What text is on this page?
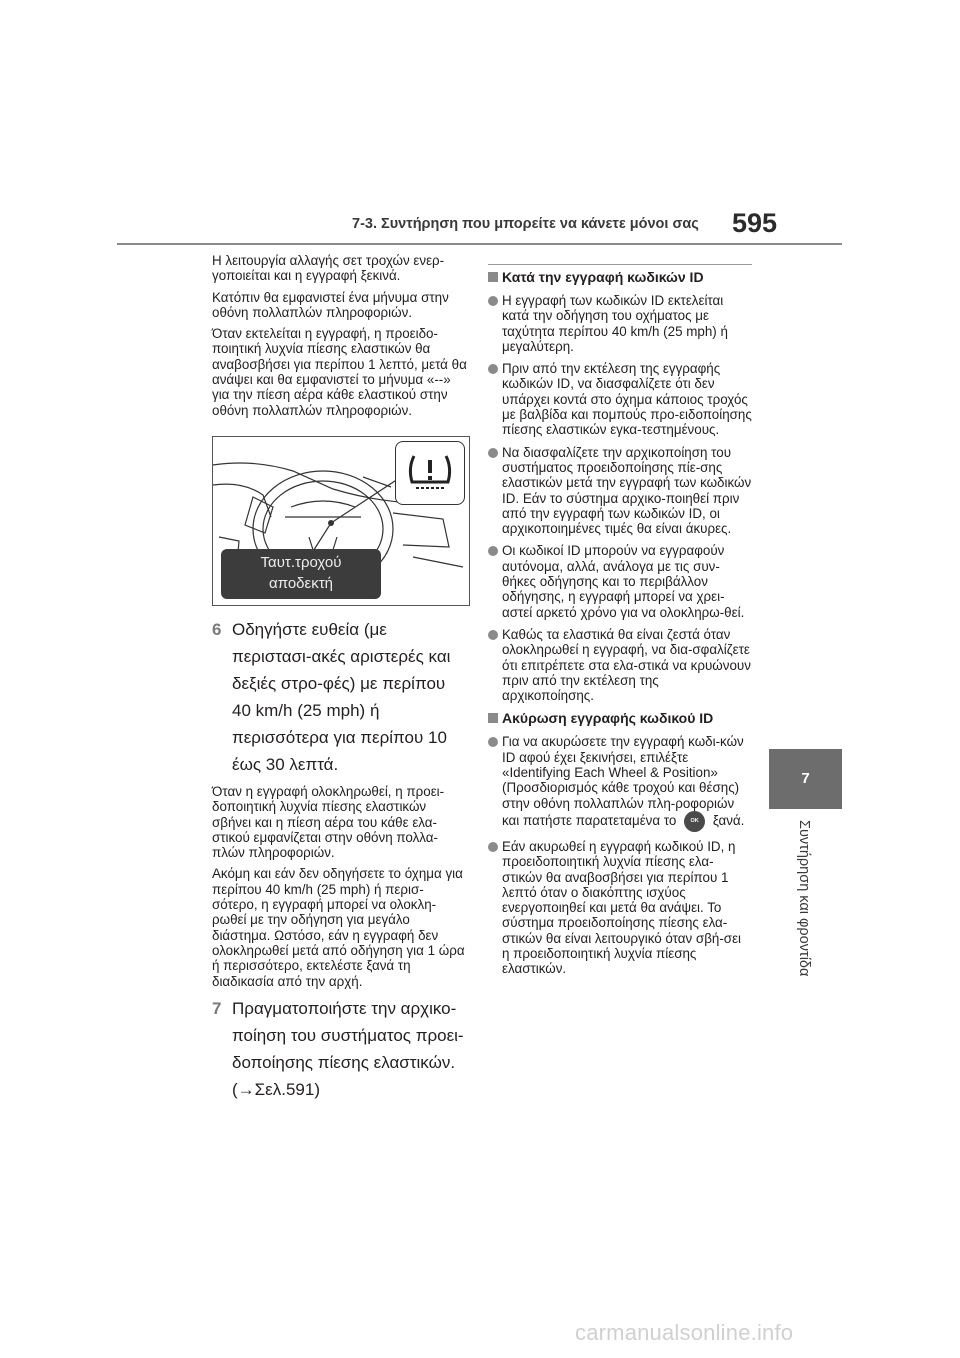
7-3. Συντήρηση που μπορείτε να κάνετε μόνοι σας 595
7
Συντήρηση και φροντίδα

Η λειτουργία αλλαγής σετ τροχών ενερ-γοποιείται και η εγγραφή ξεκινά.

Κατόπιν θα εμφανιστεί ένα μήνυμα στην οθόνη πολλαπλών πληροφοριών.

Όταν εκτελείται η εγγραφή, η προειδο-ποιητική λυχνία πίεσης ελαστικών θα αναβοσβήσει για περίπου 1 λεπτό, μετά θα ανάψει και θα εμφανιστεί το μήνυμα «--» για την πίεση αέρα κάθε ελαστικού στην οθόνη πολλαπλών πληροφοριών.

Ταυτ.τροχού
αποδεκτή
6 Οδηγήστε ευθεία (με περιστασι-ακές αριστερές και δεξιές στρο-φές) με περίπου 40 km/h (25 mph) ή περισσότερα για περίπου 10 έως 30 λεπτά.

Όταν η εγγραφή ολοκληρωθεί, η προει-δοποιητική λυχνία πίεσης ελαστικών σβήνει και η πίεση αέρα του κάθε ελα-στικού εμφανίζεται στην οθόνη πολλα-πλών πληροφοριών.

Ακόμη και εάν δεν οδηγήσετε το όχημα για περίπου 40 km/h (25 mph) ή περισ-σότερο, η εγγραφή μπορεί να ολοκλη-ρωθεί με την οδήγηση για μεγάλο διάστημα. Ωστόσο, εάν η εγγραφή δεν ολοκληρωθεί μετά από οδήγηση για 1 ώρα ή περισσότερο, εκτελέστε ξανά τη διαδικασία από την αρχή.

7 Πραγματοποιήστε την αρχικο-ποίηση του συστήματος προει-δοποίησης πίεσης ελαστικών. (→Σελ.591)
Κατά την εγγραφή κωδικών ID
Η εγγραφή των κωδικών ID εκτελείται κατά την οδήγηση του οχήματος με ταχύτητα περίπου 40 km/h (25 mph) ή μεγαλύτερη.
Πριν από την εκτέλεση της εγγραφής κωδικών ID, να διασφαλίζετε ότι δεν υπάρχει κοντά στο όχημα κάποιος τροχός με βαλβίδα και πομπούς προ-ειδοποίησης πίεσης ελαστικών εγκα-τεστημένους.
Να διασφαλίζετε την αρχικοποίηση του συστήματος προειδοποίησης πίε-σης ελαστικών μετά την εγγραφή των κωδικών ID. Εάν το σύστημα αρχικο-ποιηθεί πριν από την εγγραφή των κωδικών ID, οι αρχικοποιημένες τιμές θα είναι άκυρες.
Οι κωδικοί ID μπορούν να εγγραφούν αυτόνομα, αλλά, ανάλογα με τις συν-θήκες οδήγησης και το περιβάλλον οδήγησης, η εγγραφή μπορεί να χρει-αστεί αρκετό χρόνο για να ολοκληρω-θεί.
Καθώς τα ελαστικά θα είναι ζεστά όταν ολοκληρωθεί η εγγραφή, να δια-σφαλίζετε ότι επιτρέπετε στα ελα-στικά να κρυώνουν πριν από την εκτέλεση της αρχικοποίησης.
Ακύρωση εγγραφής κωδικού ID
Για να ακυρώσετε την εγγραφή κωδι-κών ID αφού έχει ξεκινήσει, επιλέξτε «Identifying Each Wheel & Position» (Προσδιορισμός κάθε τροχού και θέσης) στην οθόνη πολλαπλών πλη-ροφοριών και πατήστε παρατεταμένα το	OK ξανά.
Εάν ακυρωθεί η εγγραφή κωδικού ID, η προειδοποιητική λυχνία πίεσης ελα-στικών θα αναβοσβήσει για περίπου 1 λεπτό όταν ο διακόπτης ισχύος ενεργοποιηθεί και μετά θα ανάψει. Το σύστημα προειδοποίησης πίεσης ελα-στικών θα είναι λειτουργικό όταν σβή-σει η προειδοποιητική λυχνία πίεσης ελαστικών.
carmanualsonline.info
